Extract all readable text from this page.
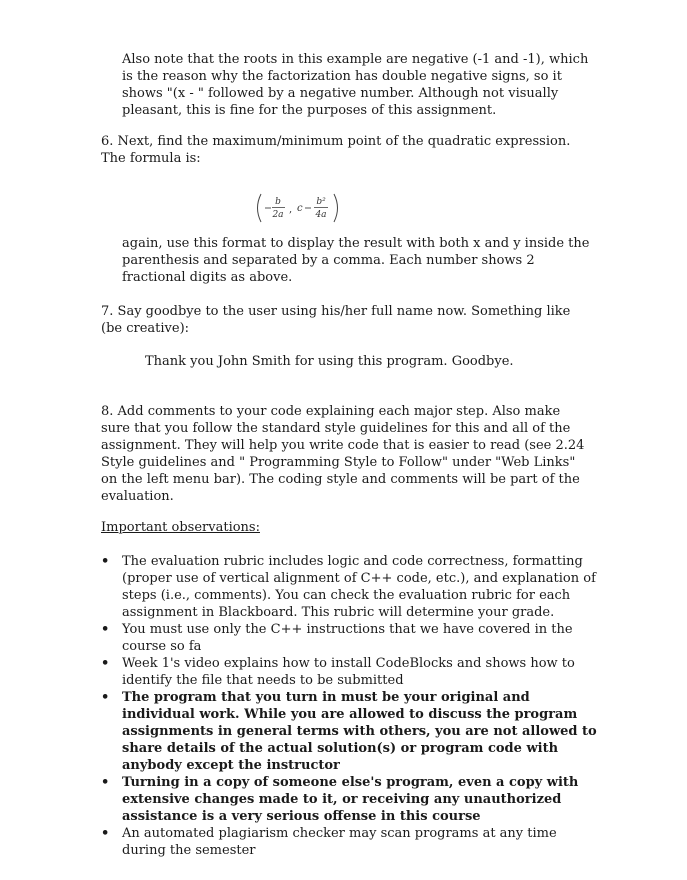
Also note that the roots in this example are negative (-1 and -1), which is the reason why the factorization has double negative signs, so it shows "(x - " followed by a negative number. Although not visually pleasant, this is fine for the purposes of this assignment.

6. Next, find the maximum/minimum point of the quadratic expression. The formula is:

b
2a , c
b²
4a

again, use this format to display the result with both x and y inside the parenthesis and separated by a comma. Each number shows 2 fractional digits as above.

7. Say goodbye to the user using his/her full name now. Something like (be creative):

Thank you John Smith for using this program. Goodbye.

8. Add comments to your code explaining each major step. Also make sure that you follow the standard style guidelines for this and all of the assignment. They will help you write code that is easier to read (see 2.24 Style guidelines and " Programming Style to Follow" under "Web Links" on the left menu bar). The coding style and comments will be part of the evaluation.

Important observations:

• The evaluation rubric includes logic and code correctness, formatting (proper use of vertical alignment of C++ code, etc.), and explanation of steps (i.e., comments). You can check the evaluation rubric for each assignment in Blackboard. This rubric will determine your grade.
• You must use only the C++ instructions that we have covered in the course so fa
• Week 1's video explains how to install CodeBlocks and shows how to identify the file that needs to be submitted
• The program that you turn in must be your original and individual work. While you are allowed to discuss the program assignments in general terms with others, you are not allowed to share details of the actual solution(s) or program code with anybody except the instructor
• Turning in a copy of someone else's program, even a copy with extensive changes made to it, or receiving any unauthorized assistance is a very serious offense in this course
• An automated plagiarism checker may scan programs at any time during the semester
